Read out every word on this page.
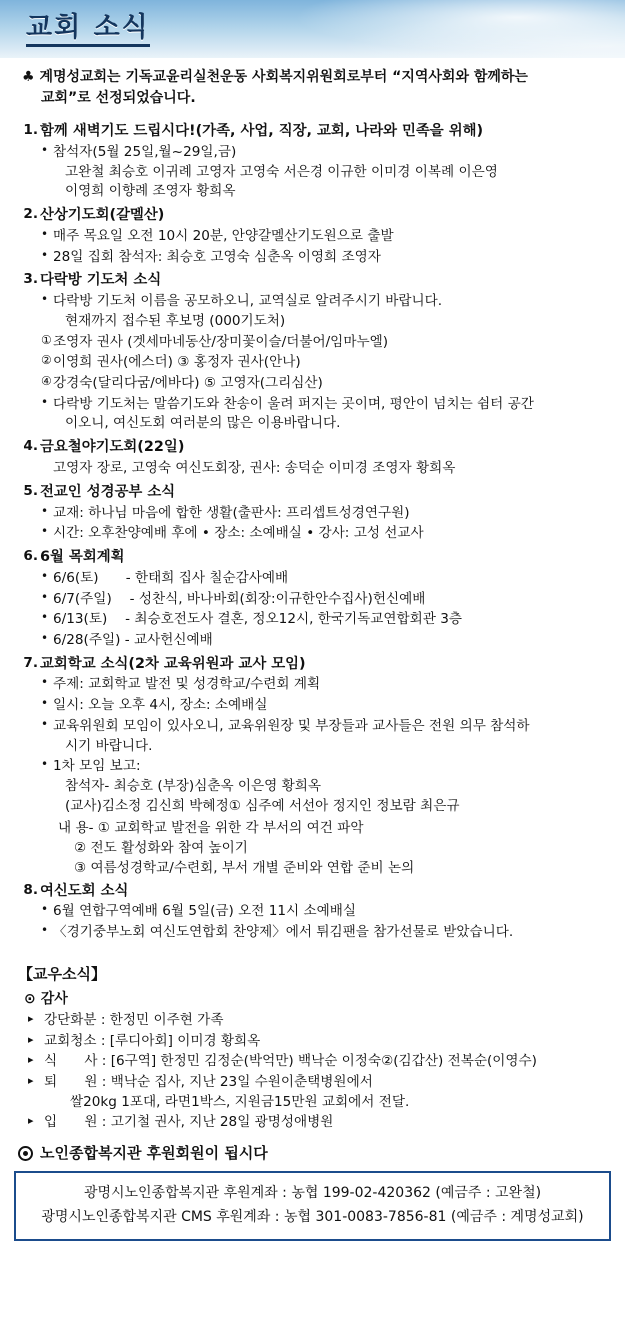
교회 소식
♣ 계명성교회는 기독교윤리실천운동 사회복지위원회로부터 “지역사회와 함께하는
교회”로 선정되었습니다.
1. 함께 새벽기도 드립시다!(가족, 사업, 직장, 교회, 나라와 민족을 위해)
• 참석자(5월 25일,월~29일,금)
고완철 최승호 이귀례 고영자 고영숙 서은경 이규한 이미경 이복례 이은영
이영희 이향례 조영자 황희옥
2. 산상기도회(갈멜산)
• 매주 목요일 오전 10시 20분, 안양갈멜산기도원으로 출발
• 28일 집회 참석자: 최승호 고영숙 심춘옥 이영희 조영자
3. 다락방 기도처 소식
• 다락방 기도처 이름을 공모하오니, 교역실로 알려주시기 바랍니다.
현재까지 접수된 후보명 (000기도처)
① 조영자 권사 (겟세마네동산/장미꽃이슬/더불어/임마누엘)
② 이영희 권사(에스더) ③ 홍정자 권사(안나)
④ 강경숙(달리다굼/에바다) ⑤ 고영자(그리심산)
• 다락방 기도처는 말씀기도와 찬송이 울려 퍼지는 곳이며, 평안이 넘치는 쉼터 공간
이오니, 여신도회 여러분의 많은 이용바랍니다.
4. 금요철야기도회(22일)
고영자 장로, 고영숙 여신도회장, 권사: 송덕순 이미경 조영자 황희옥
5. 전교인 성경공부 소식
• 교재: 하나님 마음에 합한 생활(출판사: 프리셉트성경연구원)
• 시간: 오후찬양예배 후에 • 장소: 소예배실 • 강사: 고성 선교사
6. 6월 목회계획
• 6/6(토)　　- 한태희 집사 칠순감사예배
• 6/7(주일)　 - 성찬식, 바나바회(회장:이규한안수집사)헌신예배
• 6/13(토)　 - 최승호전도사 결혼, 정오12시, 한국기독교연합회관 3층
• 6/28(주일) - 교사헌신예배
7. 교회학교 소식(2차 교육위원과 교사 모임)
• 주제: 교회학교 발전 및 성경학교/수련회 계획
• 일시: 오늘 오후 4시, 장소: 소예배실
• 교육위원회 모임이 있사오니, 교육위원장 및 부장들과 교사들은 전원 의무 참석하
시기 바랍니다.
• 1차 모임 보고:
참석자- 최승호 (부장)심춘옥 이은영 황희옥
(교사)김소정 김신희 박혜정① 심주예 서선아 정지인 정보람 최은규
내 용- ① 교회학교 발전을 위한 각 부서의 여건 파악
② 전도 활성화와 참여 높이기
③ 여름성경학교/수련회, 부서 개별 준비와 연합 준비 논의
8. 여신도회 소식
• 6월 연합구역예배 6월 5일(금) 오전 11시 소예배실
• 〈경기중부노회 여신도연합회 찬양제〉에서 튀김팬을 참가선물로 받았습니다.
【교우소식】
⊙ 감사
▸ 강단화분 : 한정민 이주현 가족
▸ 교회청소 : [루디아회] 이미경 황희옥
▸ 식　　사 : [6구역] 한정민 김정순(박억만) 백낙순 이정숙②(김갑산) 전복순(이영수)
▸ 퇴　　원 : 백낙순 집사, 지난 23일 수원이춘택병원에서
쌀20kg 1포대, 라면1박스, 지원금15만원 교회에서 전달.
▸ 입　　원 : 고기철 권사, 지난 28일 광명성애병원
노인종합복지관 후원회원이 됩시다
광명시노인종합복지관 후원계좌 : 농협 199-02-420362 (예금주 : 고완철)
광명시노인종합복지관 CMS 후원계좌 : 농협 301-0083-7856-81 (예금주 : 계명성교회)
